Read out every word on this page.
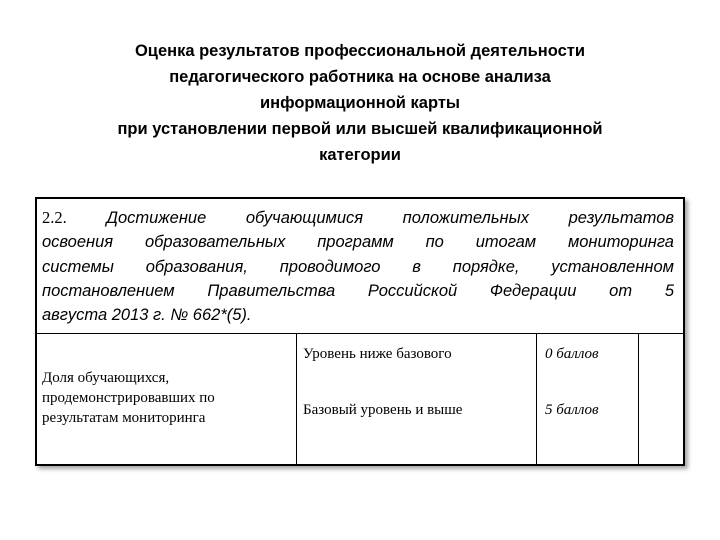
Оценка результатов профессиональной деятельности
педагогического работника на основе анализа
информационной карты
при установлении первой или высшей квалификационной
категории
2.2. Достижение обучающимися положительных результатов
освоения образовательных программ по итогам мониторинга
системы образования, проводимого в порядке, установленном
постановлением Правительства Российской Федерации от 5
августа 2013 г. № 662*(5).
Доля обучающихся,
продемонстрировавших по
результатам мониторинга
Уровень ниже базового	0 баллов
Базовый уровень и выше	5 баллов
